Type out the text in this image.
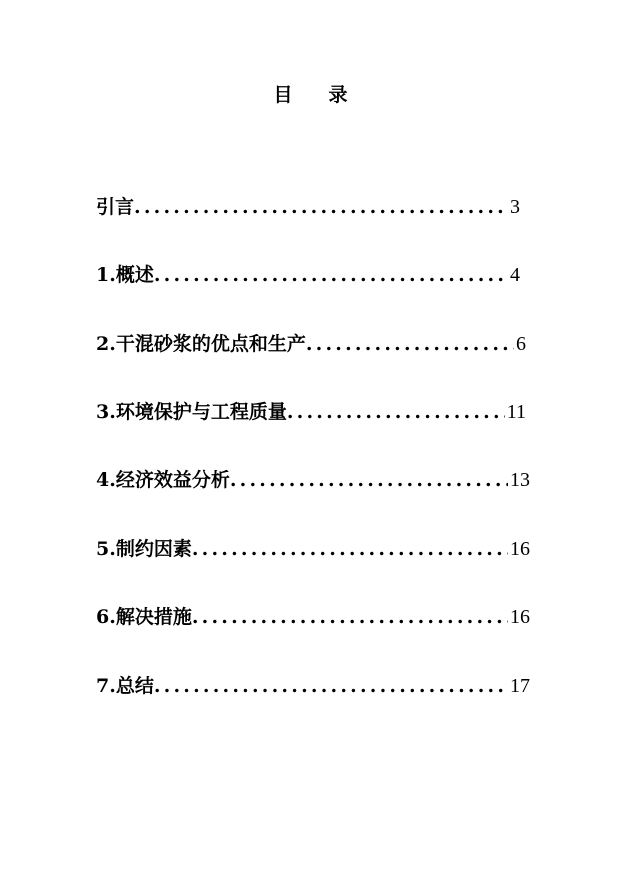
目 录
引言 .....	3
1.概述 .....	4
2.干混砂浆的优点和生产 .....	6
3.环境保护与工程质量 .....	11
4.经济效益分析 .....	13
5.制约因素 .....	16
6.解决措施 .....	16
7.总结 .....	17
